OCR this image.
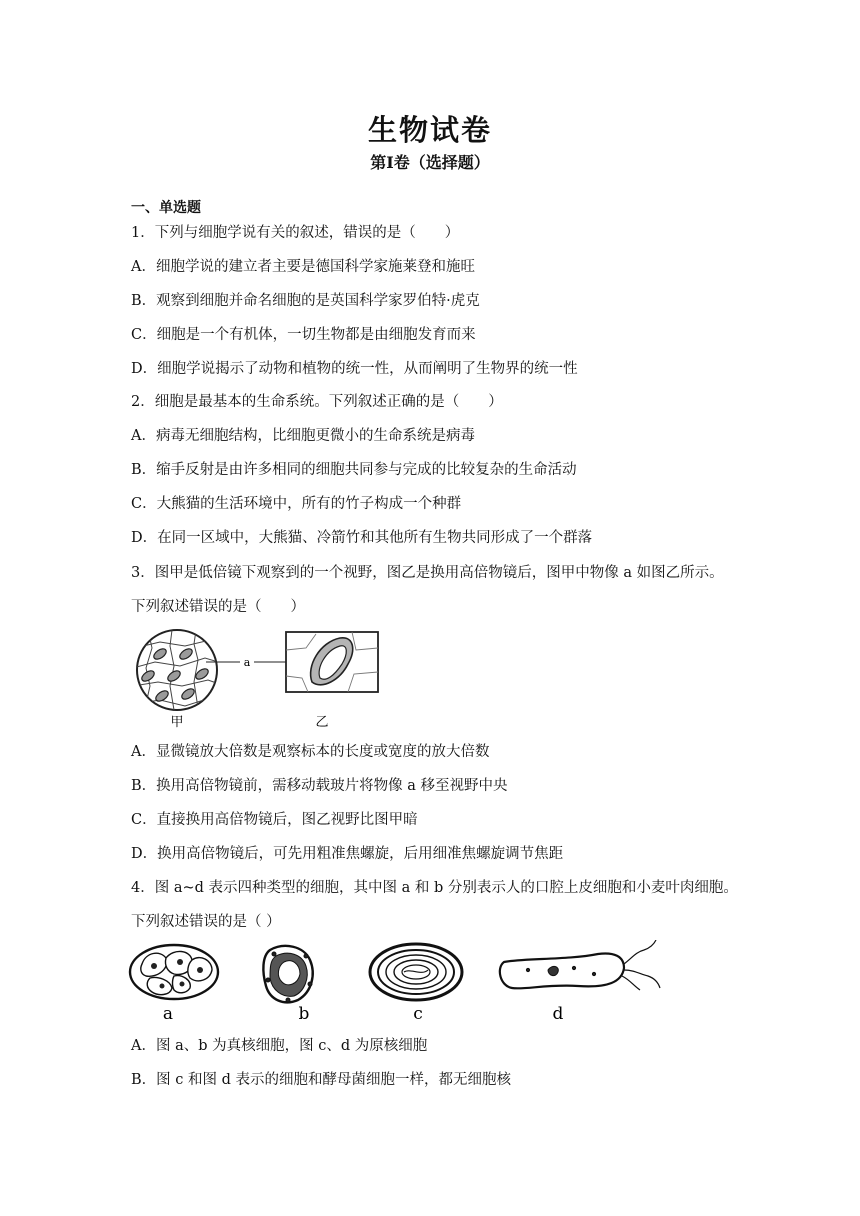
生物试卷
第Ⅰ卷（选择题）
一、单选题
1．下列与细胞学说有关的叙述，错误的是（　　）
A．细胞学说的建立者主要是德国科学家施莱登和施旺
B．观察到细胞并命名细胞的是英国科学家罗伯特·虎克
C．细胞是一个有机体，一切生物都是由细胞发育而来
D．细胞学说揭示了动物和植物的统一性，从而阐明了生物界的统一性
2．细胞是最基本的生命系统。下列叙述正确的是（　　）
A．病毒无细胞结构，比细胞更微小的生命系统是病毒
B．缩手反射是由许多相同的细胞共同参与完成的比较复杂的生命活动
C．大熊猫的生活环境中，所有的竹子构成一个种群
D．在同一区域中，大熊猫、冷箭竹和其他所有生物共同形成了一个群落
3．图甲是低倍镜下观察到的一个视野，图乙是换用高倍物镜后，图甲中物像 a 如图乙所示。
下列叙述错误的是（　　）
a
甲	乙
A．显微镜放大倍数是观察标本的长度或宽度的放大倍数
B．换用高倍物镜前，需移动载玻片将物像 a 移至视野中央
C．直接换用高倍物镜后，图乙视野比图甲暗
D．换用高倍物镜后，可先用粗准焦螺旋，后用细准焦螺旋调节焦距
4．图 a~d 表示四种类型的细胞，其中图 a 和 b 分别表示人的口腔上皮细胞和小麦叶肉细胞。
下列叙述错误的是（ ）
a	b	c	d
A．图 a、b 为真核细胞，图 c、d 为原核细胞
B．图 c 和图 d 表示的细胞和酵母菌细胞一样，都无细胞核
